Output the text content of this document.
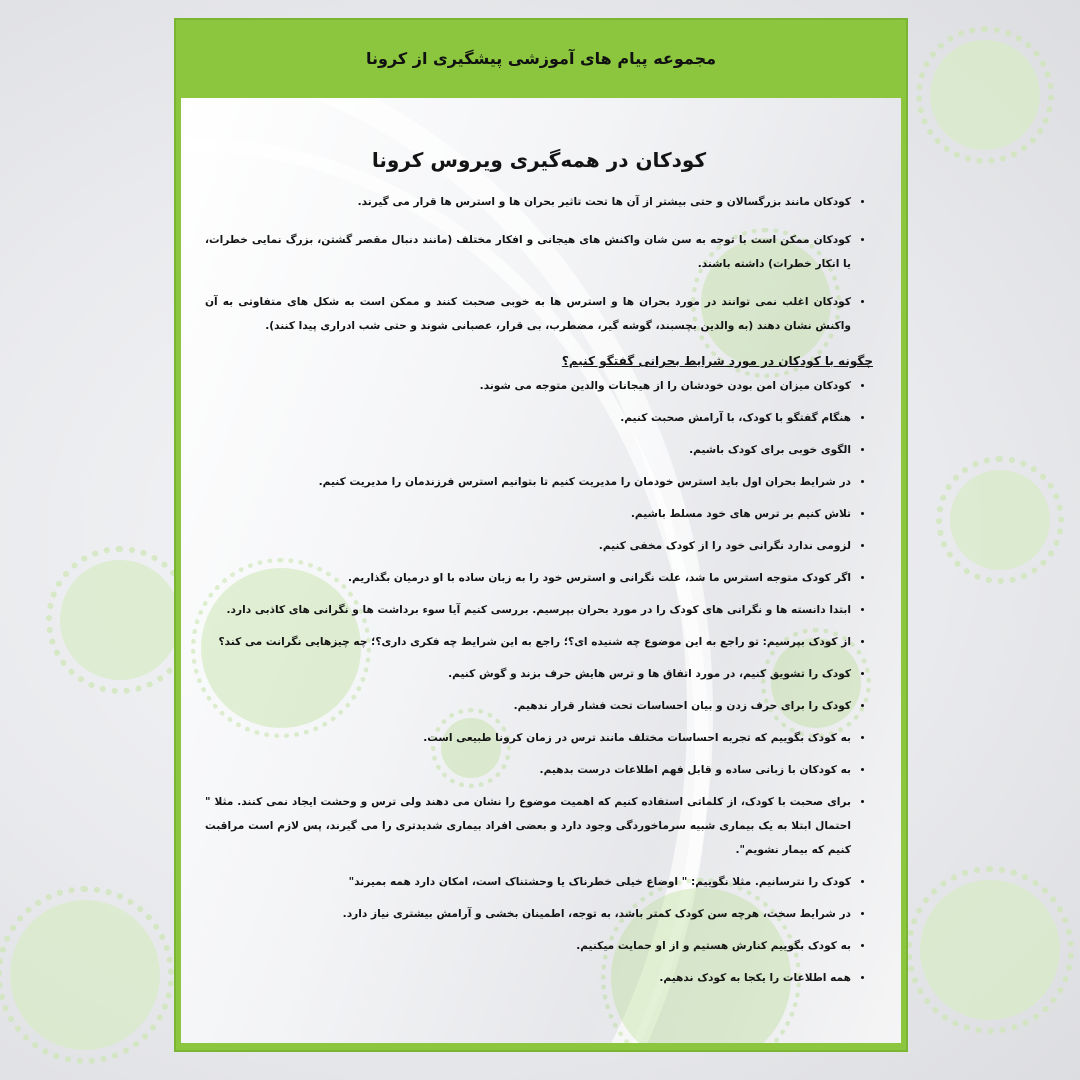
مجموعه پیام های آموزشی پیشگیری از کرونا
کودکان در همه‌گیری ویروس کرونا
• کودکان مانند بزرگسالان و حتی بیشتر از آن ها تحت تاثیر بحران ها و استرس ها قرار می گیرند.
• کودکان ممکن است با توجه به سن شان واکنش های هیجانی و افکار مختلف (مانند دنبال مقصر گشتن، بزرگ نمایی خطرات، یا انکار خطرات) داشته باشند.
• کودکان اغلب نمی توانند در مورد بحران ها و استرس ها به خوبی صحبت کنند و ممکن است به شکل های متفاوتی به آن واکنش نشان دهند (به والدین بچسبند، گوشه گیر، مضطرب، بی قرار، عصبانی شوند و حتی شب ادراری پیدا کنند).
چگونه با کودکان در مورد شرایط بحرانی گفتگو کنیم؟
• کودکان میزان امن بودن خودشان را از هیجانات والدین متوجه می شوند.
• هنگام گفتگو با کودک، با آرامش صحبت کنیم.
• الگوی خوبی برای کودک باشیم.
• در شرایط بحران اول باید استرس خودمان را مدیریت کنیم تا بتوانیم استرس فرزندمان را مدیریت کنیم.
• تلاش کنیم بر ترس های خود مسلط باشیم.
• لزومی ندارد نگرانی خود را از کودک مخفی کنیم.
• اگر کودک متوجه استرس ما شد، علت نگرانی و استرس خود را به زبان ساده با او درمیان بگذاریم.
• ابتدا دانسته ها و نگرانی های کودک را در مورد بحران بپرسیم. بررسی کنیم آیا سوء برداشت ها و نگرانی های کاذبی دارد.
• از کودک بپرسیم: تو راجع به این موضوع چه شنیده ای؟؛ راجع به این شرایط چه فکری داری؟؛ چه چیزهایی نگرانت می کند؟
• کودک را تشویق کنیم، در مورد اتفاق ها و ترس هایش حرف بزند و گوش کنیم.
• کودک را برای حرف زدن و بیان احساسات تحت فشار قرار ندهیم.
• به کودک بگوییم که تجربه احساسات مختلف مانند ترس در زمان کرونا طبیعی است.
• به کودکان با زبانی ساده و قابل فهم اطلاعات درست بدهیم.
• برای صحبت با کودک، از کلماتی استفاده کنیم که اهمیت موضوع را نشان می دهند ولی ترس و وحشت ایجاد نمی کنند. مثلا " احتمال ابتلا به یک بیماری شبیه سرماخوردگی وجود دارد و بعضی افراد بیماری شدیدتری را می گیرند، پس لازم است مراقبت کنیم که بیمار نشویم".
• کودک را نترسانیم. مثلا نگوییم: " اوضاع خیلی خطرناک یا وحشتناک است، امکان دارد همه بمیرند"
• در شرایط سخت، هرچه سن کودک کمتر باشد، به توجه، اطمینان بخشی و آرامش بیشتری نیاز دارد.
• به کودک بگوییم کنارش هستیم و از او حمایت میکنیم.
• همه اطلاعات را یکجا به کودک ندهیم.
